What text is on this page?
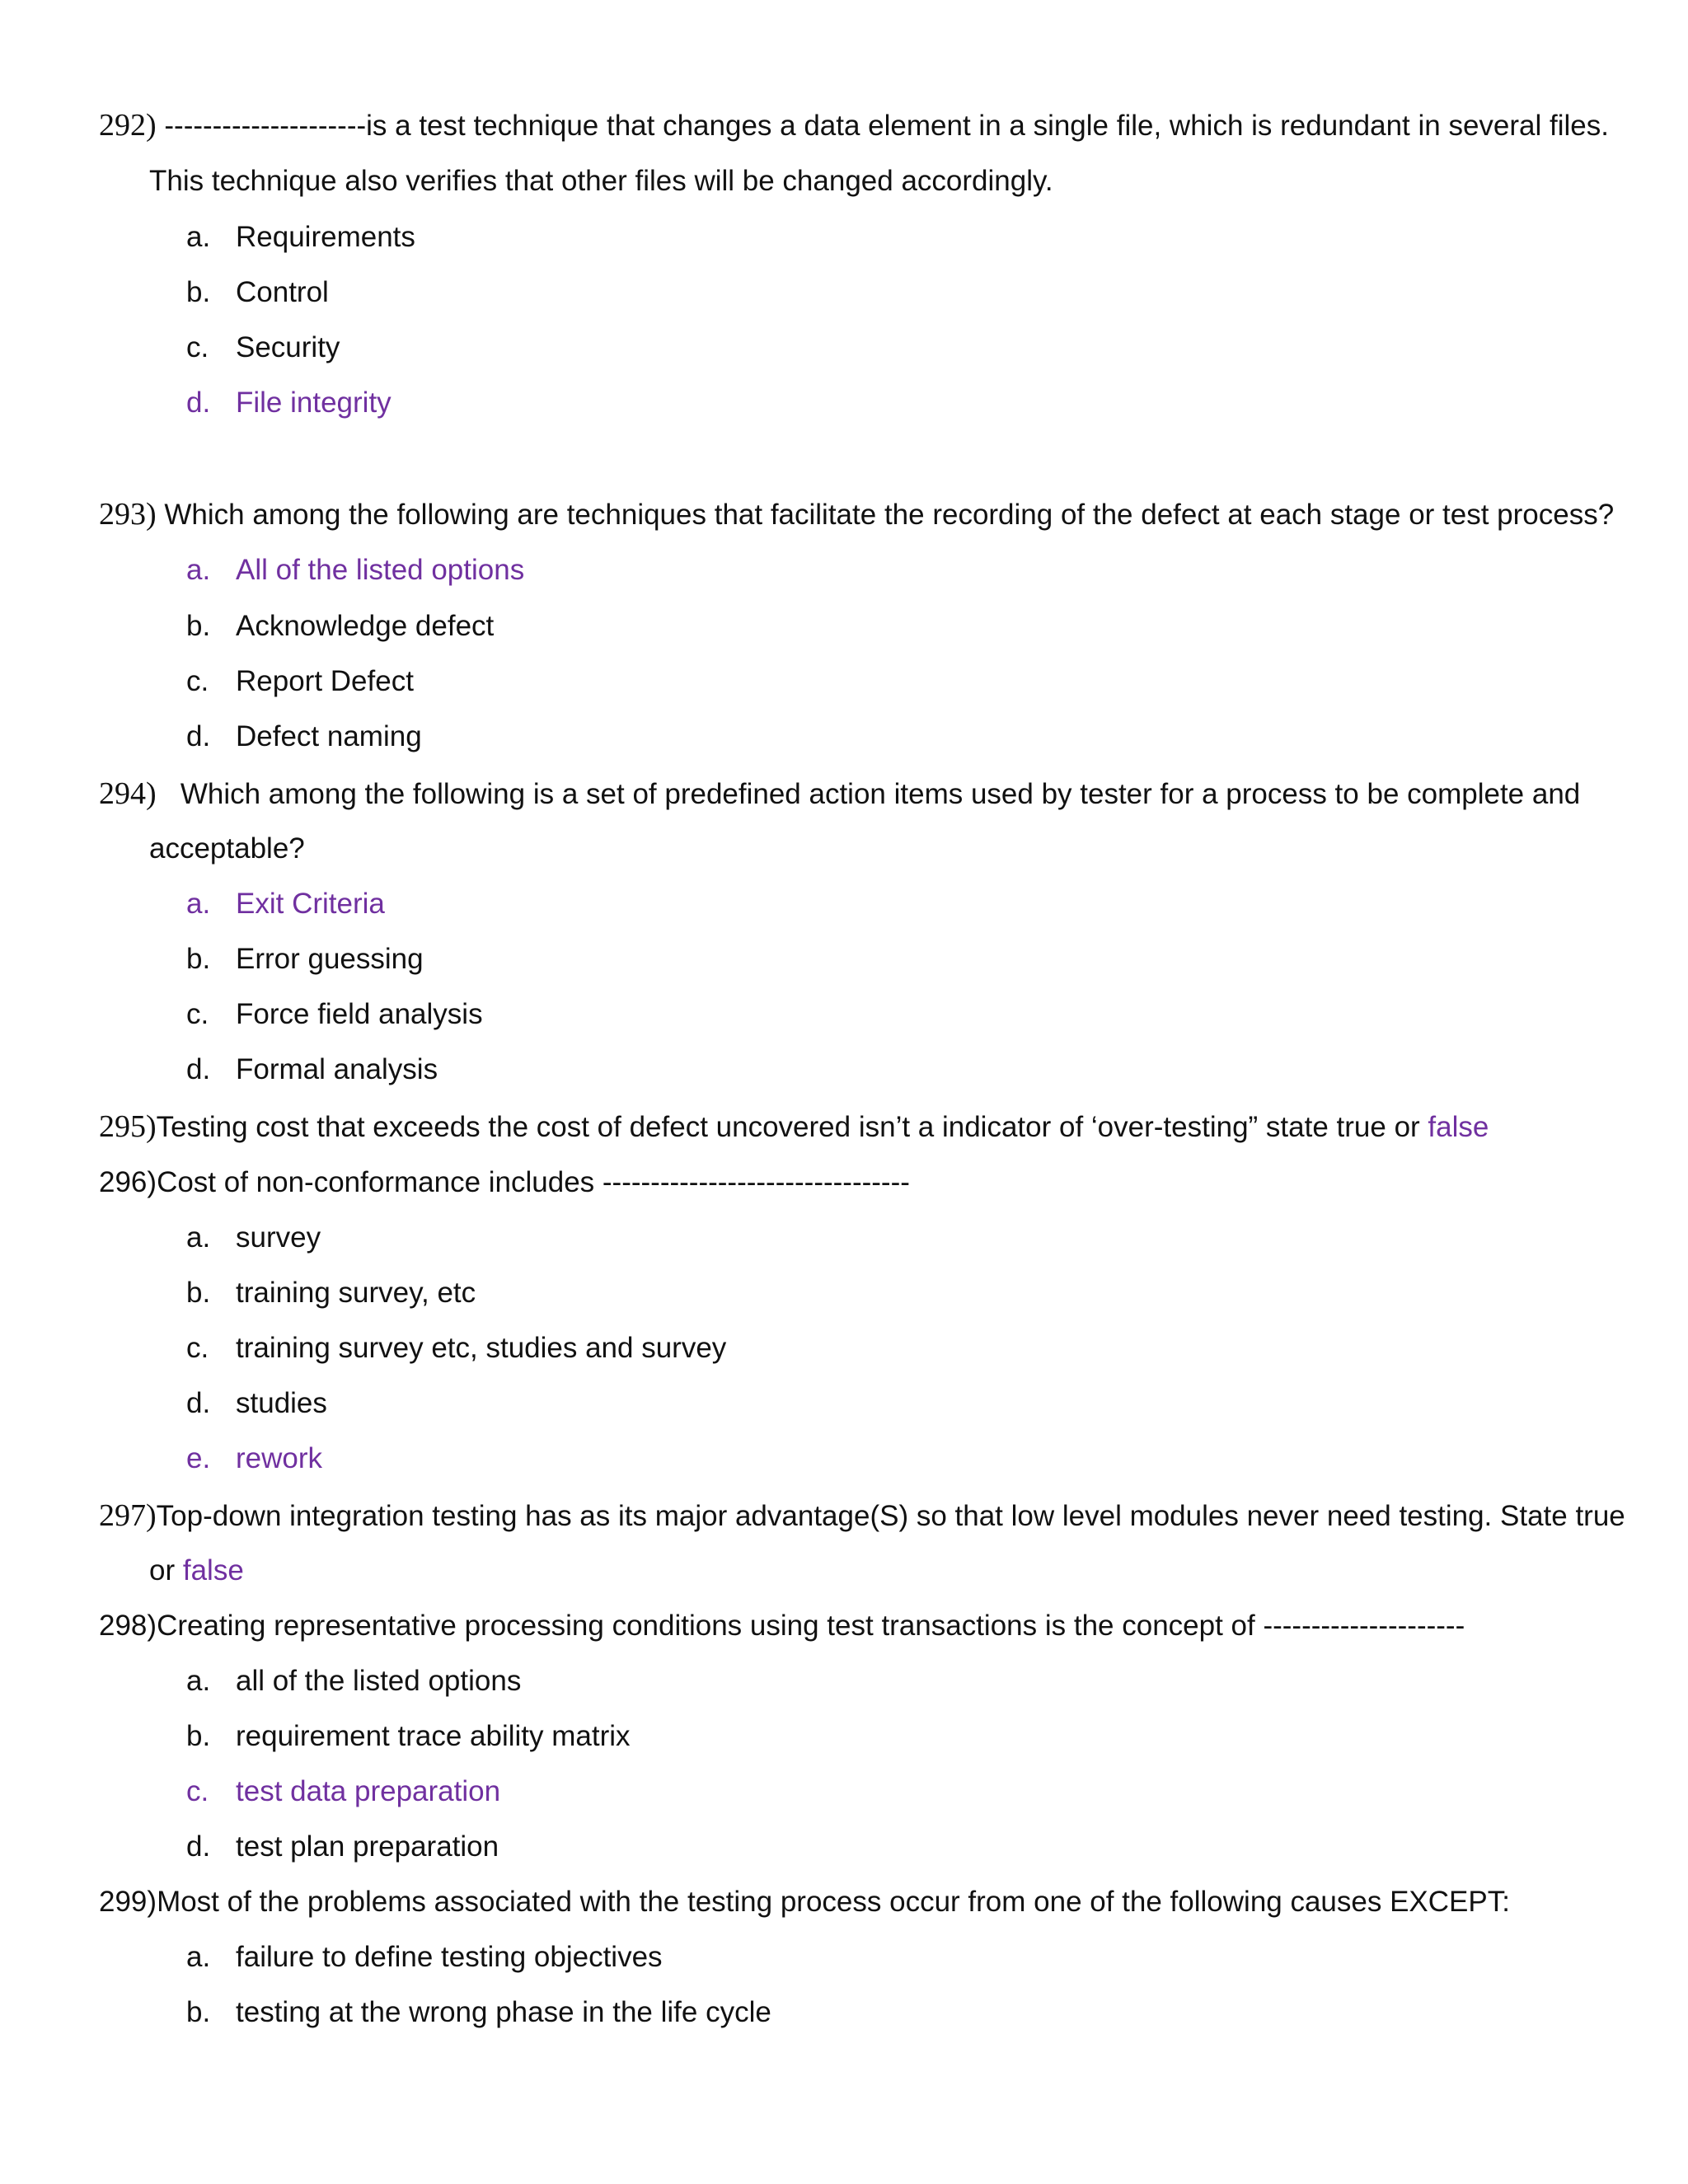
292) ---------------------is a test technique that changes a data element in a single file, which is redundant in several files.
This technique also verifies that other files will be changed accordingly.
a. Requirements
b. Control
c. Security
d. File integrity
293) Which among the following are techniques that facilitate the recording of the defect at each stage or test process?
a. All of the listed options
b. Acknowledge defect
c. Report Defect
d. Defect naming
294) Which among the following is a set of predefined action items used by tester for a process to be complete and
acceptable?
a. Exit Criteria
b. Error guessing
c. Force field analysis
d. Formal analysis
295)Testing cost that exceeds the cost of defect uncovered isn’t a indicator of ‘over-testing” state true or false
296)Cost of non-conformance includes --------------------------------
a. survey
b. training survey, etc
c. training survey etc, studies and survey
d. studies
e. rework
297)Top-down integration testing has as its major advantage(S) so that low level modules never need testing. State true
or false
298)Creating representative processing conditions using test transactions is the concept of ---------------------
a. all of the listed options
b. requirement trace ability matrix
c. test data preparation
d. test plan preparation
299)Most of the problems associated with the testing process occur from one of the following causes EXCEPT:
a. failure to define testing objectives
b. testing at the wrong phase in the life cycle
